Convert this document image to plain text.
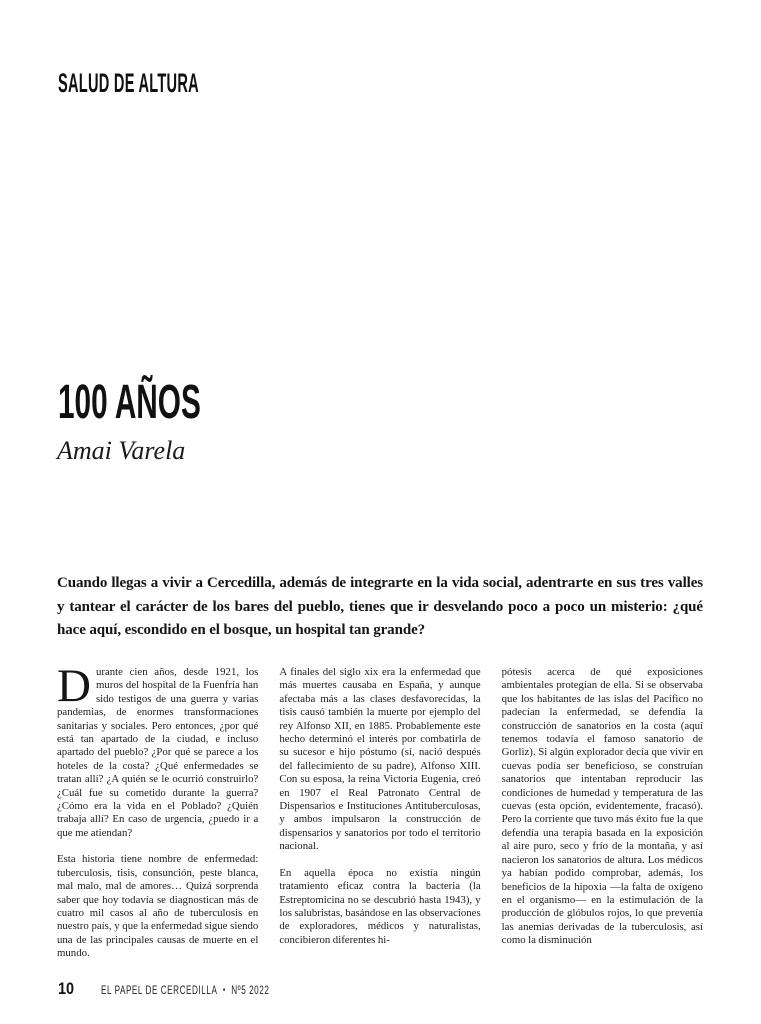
SALUD DE ALTURA
100 AÑOS
Amai Varela
Cuando llegas a vivir a Cercedilla, además de integrarte en la vida social, adentrarte en sus tres valles y tantear el carácter de los bares del pueblo, tienes que ir desvelando poco a poco un misterio: ¿qué hace aquí, escondido en el bosque, un hospital tan grande?

Durante cien años, desde 1921, los muros del hospital de la Fuenfría han sido testigos de una guerra y varias pandemias, de enormes transformaciones sanitarias y sociales. Pero entonces, ¿por qué está tan apartado de la ciudad, e incluso apartado del pueblo? ¿Por qué se parece a los hoteles de la costa? ¿Qué enfermedades se tratan allí? ¿A quién se le ocurrió construirlo? ¿Cuál fue su cometido durante la guerra? ¿Cómo era la vida en el Poblado? ¿Quién trabaja allí? En caso de urgencia, ¿puedo ir a que me atiendan?

Esta historia tiene nombre de enfermedad: tuberculosis, tisis, consunción, peste blanca, mal malo, mal de amores… Quizá sorprenda saber que hoy todavía se diagnostican más de cuatro mil casos al año de tuberculosis en nuestro país, y que la enfermedad sigue siendo una de las principales causas de muerte en el mundo.

A finales del siglo xix era la enfermedad que más muertes causaba en España, y aunque afectaba más a las clases desfavorecidas, la tisis causó también la muerte por ejemplo del rey Alfonso XII, en 1885. Probablemente este hecho determinó el interés por combatirla de su sucesor e hijo póstumo (sí, nació después del fallecimiento de su padre), Alfonso XIII. Con su esposa, la reina Victoria Eugenia, creó en 1907 el Real Patronato Central de Dispensarios e Instituciones Antituberculosas, y ambos impulsaron la construcción de dispensarios y sanatorios por todo el territorio nacional.

En aquella época no existía ningún tratamiento eficaz contra la bacteria (la Estreptomicina no se descubrió hasta 1943), y los salubristas, basándose en las observaciones de exploradores, médicos y naturalistas, concibieron diferentes hi-

pótesis acerca de qué exposiciones ambientales protegían de ella. Si se observaba que los habitantes de las islas del Pacífico no padecían la enfermedad, se defendía la construcción de sanatorios en la costa (aquí tenemos todavía el famoso sanatorio de Gorliz). Si algún explorador decía que vivir en cuevas podía ser beneficioso, se construían sanatorios que intentaban reproducir las condiciones de humedad y temperatura de las cuevas (esta opción, evidentemente, fracasó). Pero la corriente que tuvo más éxito fue la que defendía una terapia basada en la exposición al aire puro, seco y frío de la montaña, y así nacieron los sanatorios de altura. Los médicos ya habían podido comprobar, además, los beneficios de la hipoxia —la falta de oxígeno en el organismo— en la estimulación de la producción de glóbulos rojos, lo que prevenía las anemias derivadas de la tuberculosis, así como la disminución

10 EL PAPEL DE CERCEDILLA • Nº5 2022
